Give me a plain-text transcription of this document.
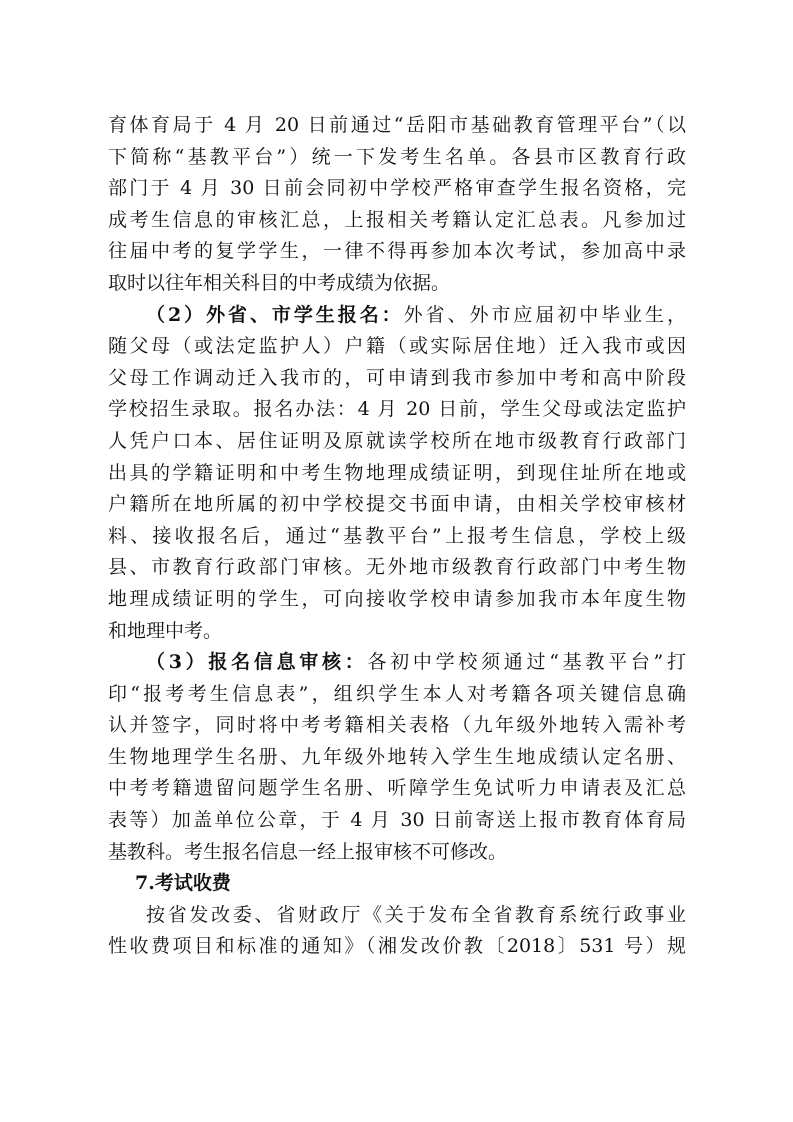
育体育局于 4 月 20 日前通过“岳阳市基础教育管理平台”（以
下简称“基教平台”）统一下发考生名单。各县市区教育行政
部门于 4 月 30 日前会同初中学校严格审查学生报名资格，完
成考生信息的审核汇总，上报相关考籍认定汇总表。凡参加过
往届中考的复学学生，一律不得再参加本次考试，参加高中录
取时以往年相关科目的中考成绩为依据。
（2）外省、市学生报名：外省、外市应届初中毕业生，
随父母（或法定监护人）户籍（或实际居住地）迁入我市或因
父母工作调动迁入我市的，可申请到我市参加中考和高中阶段
学校招生录取。报名办法：4 月 20 日前，学生父母或法定监护
人凭户口本、居住证明及原就读学校所在地市级教育行政部门
出具的学籍证明和中考生物地理成绩证明，到现住址所在地或
户籍所在地所属的初中学校提交书面申请，由相关学校审核材
料、接收报名后，通过“基教平台”上报考生信息，学校上级
县、市教育行政部门审核。无外地市级教育行政部门中考生物
地理成绩证明的学生，可向接收学校申请参加我市本年度生物
和地理中考。
（3）报名信息审核：各初中学校须通过“基教平台”打
印“报考考生信息表”，组织学生本人对考籍各项关键信息确
认并签字，同时将中考考籍相关表格（九年级外地转入需补考
生物地理学生名册、九年级外地转入学生生地成绩认定名册、
中考考籍遗留问题学生名册、听障学生免试听力申请表及汇总
表等）加盖单位公章，于 4 月 30 日前寄送上报市教育体育局
基教科。考生报名信息一经上报审核不可修改。
7.考试收费
按省发改委、省财政厅《关于发布全省教育系统行政事业
性收费项目和标准的通知》（湘发改价教〔2018〕531 号）规
